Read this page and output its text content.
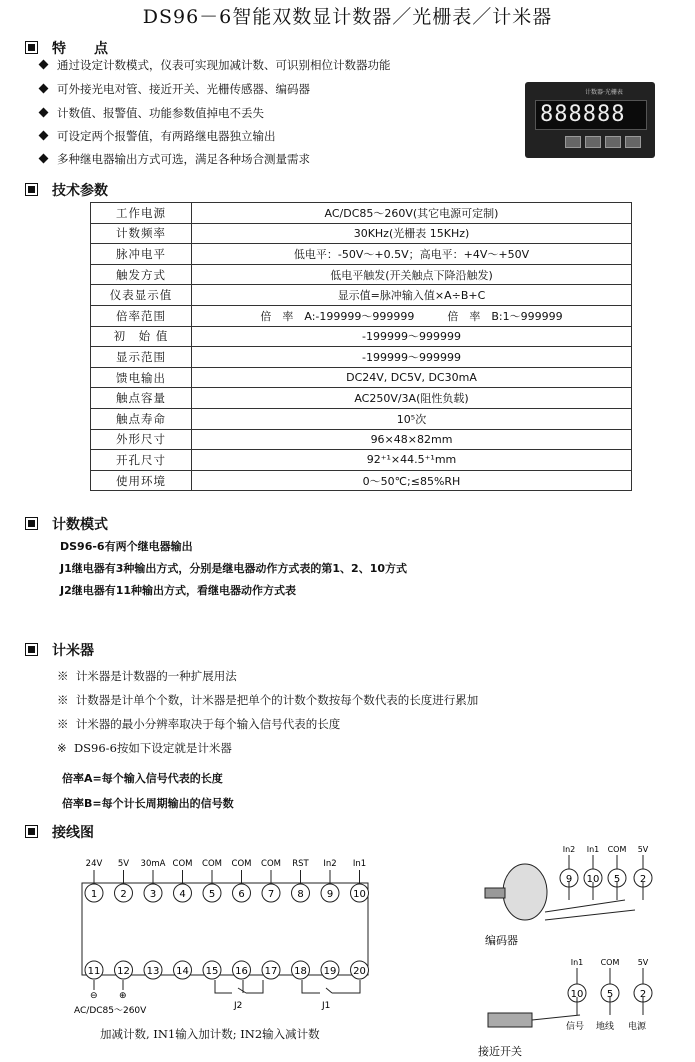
DS96－6智能双数显计数器／光栅表／计米器
特　　点
通过设定计数模式，仪表可实现加减计数、可识别相位计数器功能
可外接光电对管、接近开关、光栅传感器、编码器
计数值、报警值、功能参数值掉电不丢失
可设定两个报警值，有两路继电器独立输出
多种继电器输出方式可选，满足各种场合测量需求
计数器·光栅表
888888
技术参数
工作电源	AC/DC85～260V(其它电源可定制)
计数频率	30KHz(光栅表 15KHz)
脉冲电平	低电平：-50V～+0.5V；高电平：+4V～+50V
触发方式	低电平触发(开关触点下降沿触发)
仪表显示值	显示值=脉冲输入值×A÷B+C
倍率范围	倍　率　A:-199999～999999　　　倍　率　B:1～999999
初　始 值	-199999～999999
显示范围	-199999～999999
馈电输出	DC24V, DC5V, DC30mA
触点容量	AC250V/3A(阻性负载)
触点寿命	10⁵次
外形尺寸	96×48×82mm
开孔尺寸	92⁺¹×44.5⁺¹mm
使用环境	0～50℃;≤85%RH
计数模式
DS96-6有两个继电器输出
J1继电器有3种输出方式，分别是继电器动作方式表的第1、2、10方式
J2继电器有11种输出方式，看继电器动作方式表
计米器
※  计米器是计数器的一种扩展用法
※  计数器是计单个个数，计米器是把单个的计数个数按每个数代表的长度进行累加
※  计米器的最小分辨率取决于每个输入信号代表的长度
※  DS96-6按如下设定就是计米器
倍率A=每个输入信号代表的长度
倍率B=每个计长周期输出的信号数
接线图
1
24V
2
5V
3
30mA
4
COM
5
COM
6
COM
7
COM
8
RST
9
In2
10
In1
11 12 13 14 15 16 17 18 19 20
J2	J1
⊖ ⊕
AC/DC85～260V
加减计数, IN1输入加计数; IN2输入减计数
9
In2
10
In1
5
COM
2
5V
编码器
10
In1
5
COM
2
5V
信号 地线 电源
接近开关
